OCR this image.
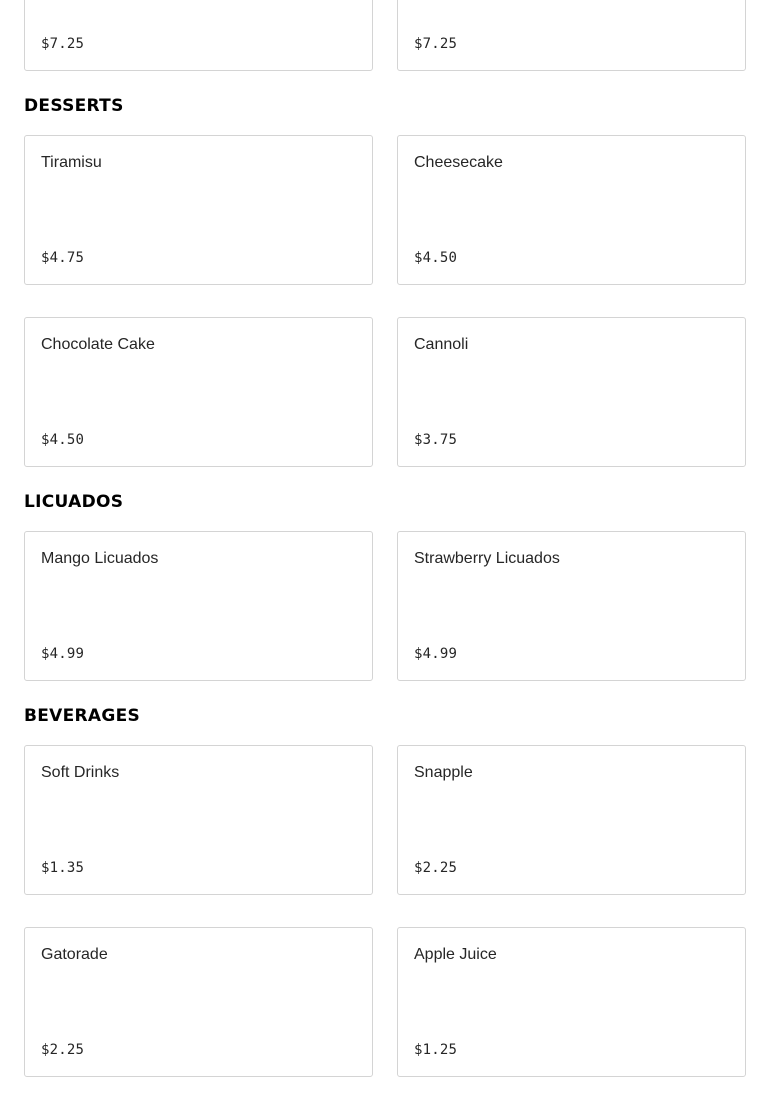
$7.25	$7.25
DESSERTS
Tiramisu
$4.75
Cheesecake
$4.50
Chocolate Cake
$4.50
Cannoli
$3.75
LICUADOS
Mango Licuados
$4.99
Strawberry Licuados
$4.99
BEVERAGES
Soft Drinks
$1.35
Snapple
$2.25
Gatorade
$2.25
Apple Juice
$1.25
